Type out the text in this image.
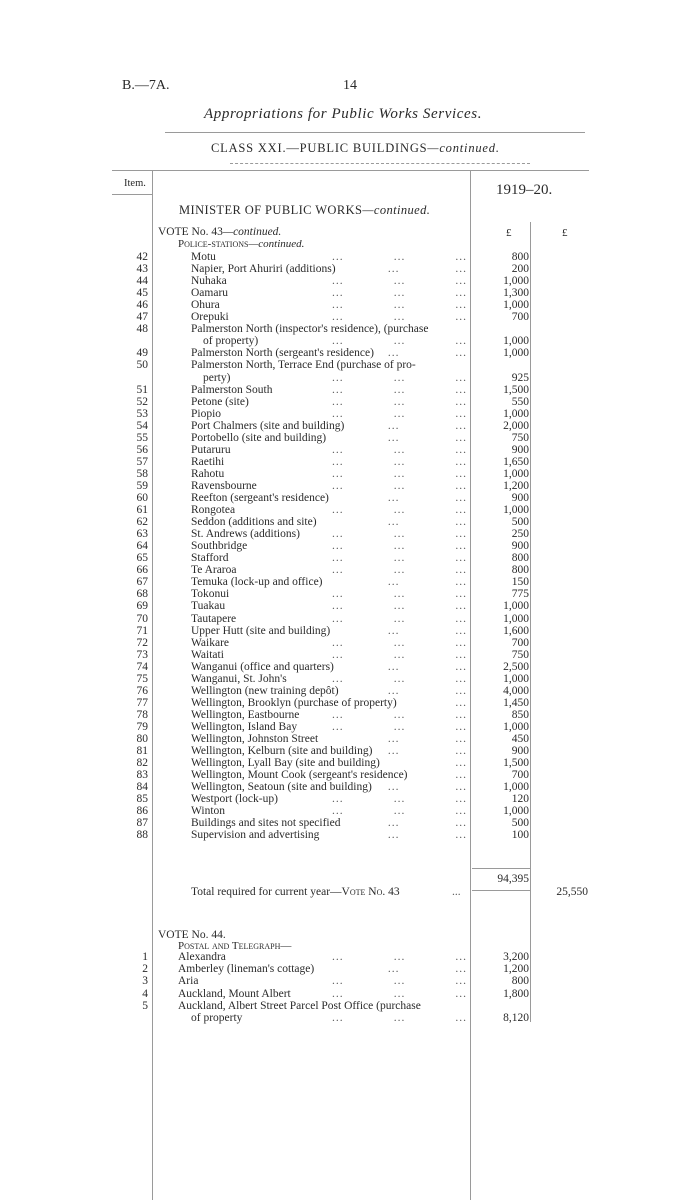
B.—7A.	14
Appropriations for Public Works Services.
CLASS XXI.—PUBLIC BUILDINGS—continued.
Item.	1919–20.
MINISTER OF PUBLIC WORKS—continued.
VOTE No. 43—continued.	£	£
Police-stations—continued.
42	Motu	...	...	...	800
43	Napier, Port Ahuriri (additions)	...	...	200
44	Nuhaka	...	...	...	1,000
45	Oamaru	...	...	...	1,300
46	Ohura	...	...	...	1,000
47	Orepuki	...	...	...	700
48	Palmerston North (inspector's residence), (purchase
of property)	...	...	...	1,000
49	Palmerston North (sergeant's residence) ...	...	1,000
50	Palmerston North, Terrace End (purchase of pro-
perty)	...	...	...	925
51	Palmerston South	...	...	...	1,500
52	Petone (site)	...	...	...	550
53	Piopio	...	...	...	1,000
54	Port Chalmers (site and building)	...	...	2,000
55	Portobello (site and building)	...	...	750
56	Putaruru	...	...	...	900
57	Raetihi	...	...	...	1,650
58	Rahotu	...	...	...	1,000
59	Ravensbourne	...	...	...	1,200
60	Reefton (sergeant's residence)	...	...	900
61	Rongotea	...	...	...	1,000
62	Seddon (additions and site)	...	...	500
63	St. Andrews (additions)	...	...	...	250
64	Southbridge	...	...	...	900
65	Stafford	...	...	...	800
66	Te Araroa	...	...	...	800
67	Temuka (lock-up and office)	...	...	150
68	Tokonui	...	...	...	775
69	Tuakau	...	...	...	1,000
70	Tautapere	...	...	...	1,000
71	Upper Hutt (site and building)	...	...	1,600
72	Waikare	...	...	...	700
73	Waitati	...	...	...	750
74	Wanganui (office and quarters)	...	...	2,500
75	Wanganui, St. John's	...	...	...	1,000
76	Wellington (new training depôt)	...	...	4,000
77	Wellington, Brooklyn (purchase of property)	...	1,450
78	Wellington, Eastbourne	...	...	...	850
79	Wellington, Island Bay	...	...	...	1,000
80	Wellington, Johnston Street	...	...	450
81	Wellington, Kelburn (site and building) ...	...	900
82	Wellington, Lyall Bay (site and building)	...	1,500
83	Wellington, Mount Cook (sergeant's residence)	...	700
84	Wellington, Seatoun (site and building) ...	...	1,000
85	Westport (lock-up)	...	...	...	120
86	Winton	...	...	...	1,000
87	Buildings and sites not specified	...	...	500
88	Supervision and advertising	...	...	100
94,395
Total required for current year—Vote No. 43	...	25,550
VOTE No. 44.
Postal and Telegraph—
1	Alexandra	...	...	...	3,200
2	Amberley (lineman's cottage)	...	...	1,200
3	Aria	...	...	...	800
4	Auckland, Mount Albert	...	...	...	1,800
5	Auckland, Albert Street Parcel Post Office (purchase
of property	...	...	...	8,120
